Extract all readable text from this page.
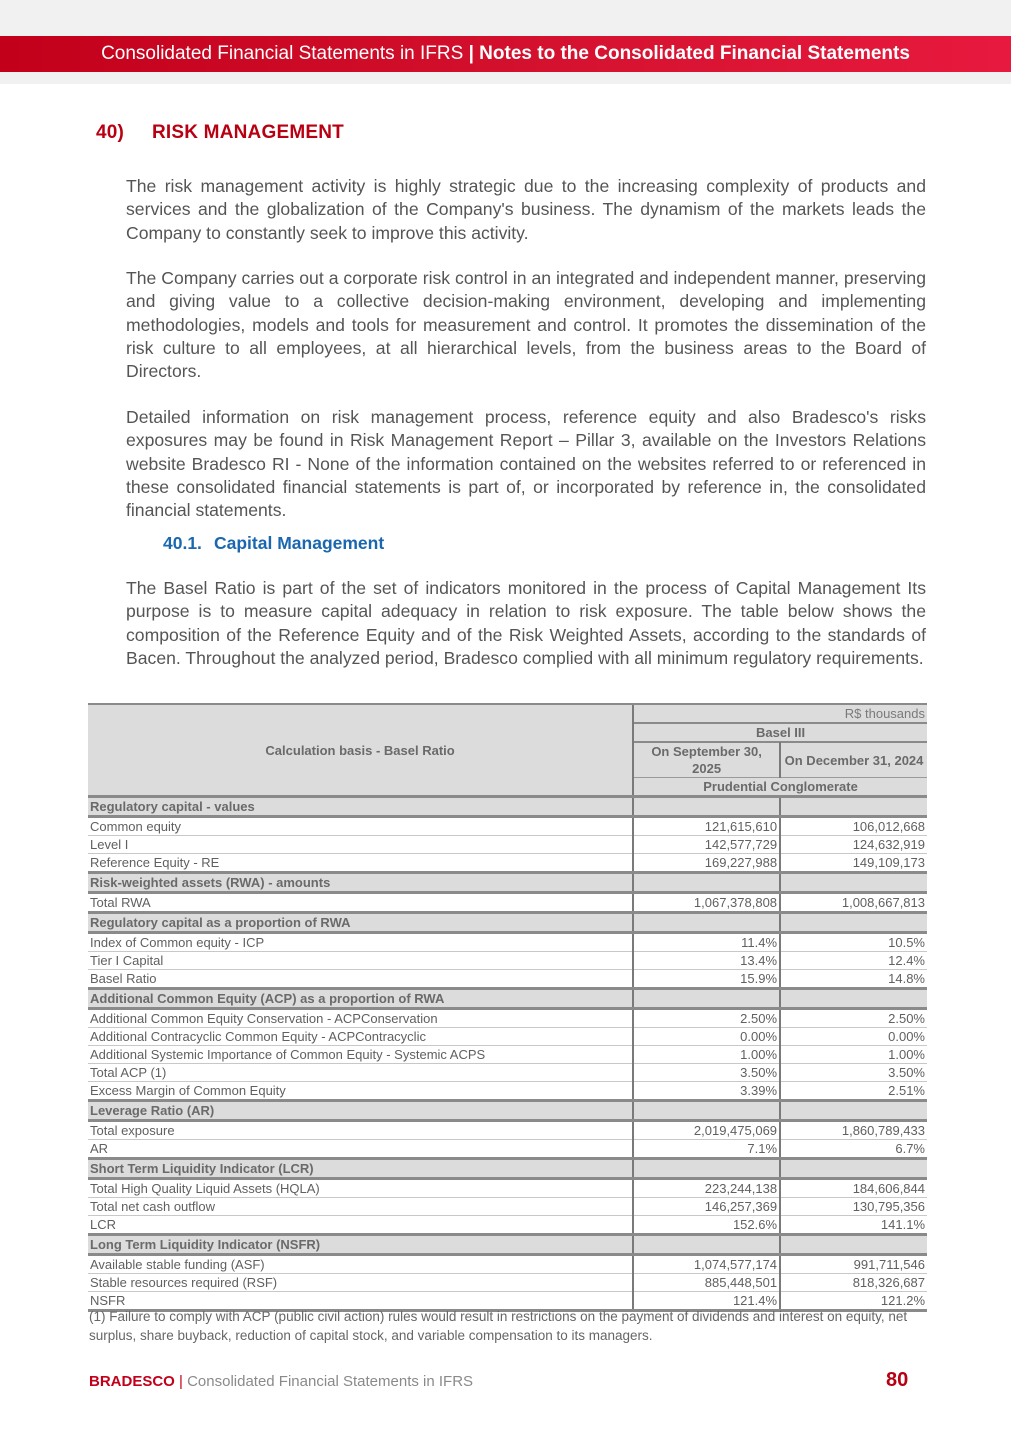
Consolidated Financial Statements in IFRS | Notes to the Consolidated Financial Statements
40) RISK MANAGEMENT
The risk management activity is highly strategic due to the increasing complexity of products and services and the globalization of the Company's business. The dynamism of the markets leads the Company to constantly seek to improve this activity.
The Company carries out a corporate risk control in an integrated and independent manner, preserving and giving value to a collective decision-making environment, developing and implementing methodologies, models and tools for measurement and control. It promotes the dissemination of the risk culture to all employees, at all hierarchical levels, from the business areas to the Board of Directors.
Detailed information on risk management process, reference equity and also Bradesco's risks exposures may be found in Risk Management Report – Pillar 3, available on the Investors Relations website Bradesco RI - None of the information contained on the websites referred to or referenced in these consolidated financial statements is part of, or incorporated by reference in, the consolidated financial statements.
40.1. Capital Management
The Basel Ratio is part of the set of indicators monitored in the process of Capital Management Its purpose is to measure capital adequacy in relation to risk exposure. The table below shows the composition of the Reference Equity and of the Risk Weighted Assets, according to the standards of Bacen. Throughout the analyzed period, Bradesco complied with all minimum regulatory requirements.
Calculation basis - Basel Ratio	R$ thousands	
	Basel III	
	On September 30, 2025	On December 31, 2024

	Prudential Conglomerate	
Regulatory capital - values		
Common equity	121,615,610	106,012,668
Level I	142,577,729	124,632,919
Reference Equity - RE	169,227,988	149,109,173
Risk-weighted assets (RWA) - amounts		
Total RWA	1,067,378,808	1,008,667,813
Regulatory capital as a proportion of RWA		
Index of Common equity - ICP	11.4%	10.5%
Tier I Capital	13.4%	12.4%
Basel Ratio	15.9%	14.8%
Additional Common Equity (ACP) as a proportion of RWA		
Additional Common Equity Conservation - ACPConservation	2.50%	2.50%
Additional Contracyclic Common Equity - ACPContracyclic	0.00%	0.00%
Additional Systemic Importance of Common Equity - Systemic ACPS	1.00%	1.00%
Total ACP (1)	3.50%	3.50%
Excess Margin of Common Equity	3.39%	2.51%
Leverage Ratio (AR)		
Total exposure	2,019,475,069	1,860,789,433
AR	7.1%	6.7%
Short Term Liquidity Indicator (LCR)		
Total High Quality Liquid Assets (HQLA)	223,244,138	184,606,844
Total net cash outflow	146,257,369	130,795,356
LCR	152.6%	141.1%
Long Term Liquidity Indicator (NSFR)		
Available stable funding (ASF)	1,074,577,174	991,711,546
Stable resources required (RSF)	885,448,501	818,326,687
NSFR	121.4%	121.2%
(1) Failure to comply with ACP (public civil action) rules would result in restrictions on the payment of dividends and interest on equity, net surplus, share buyback, reduction of capital stock, and variable compensation to its managers.
BRADESCO | Consolidated Financial Statements in IFRS	80
